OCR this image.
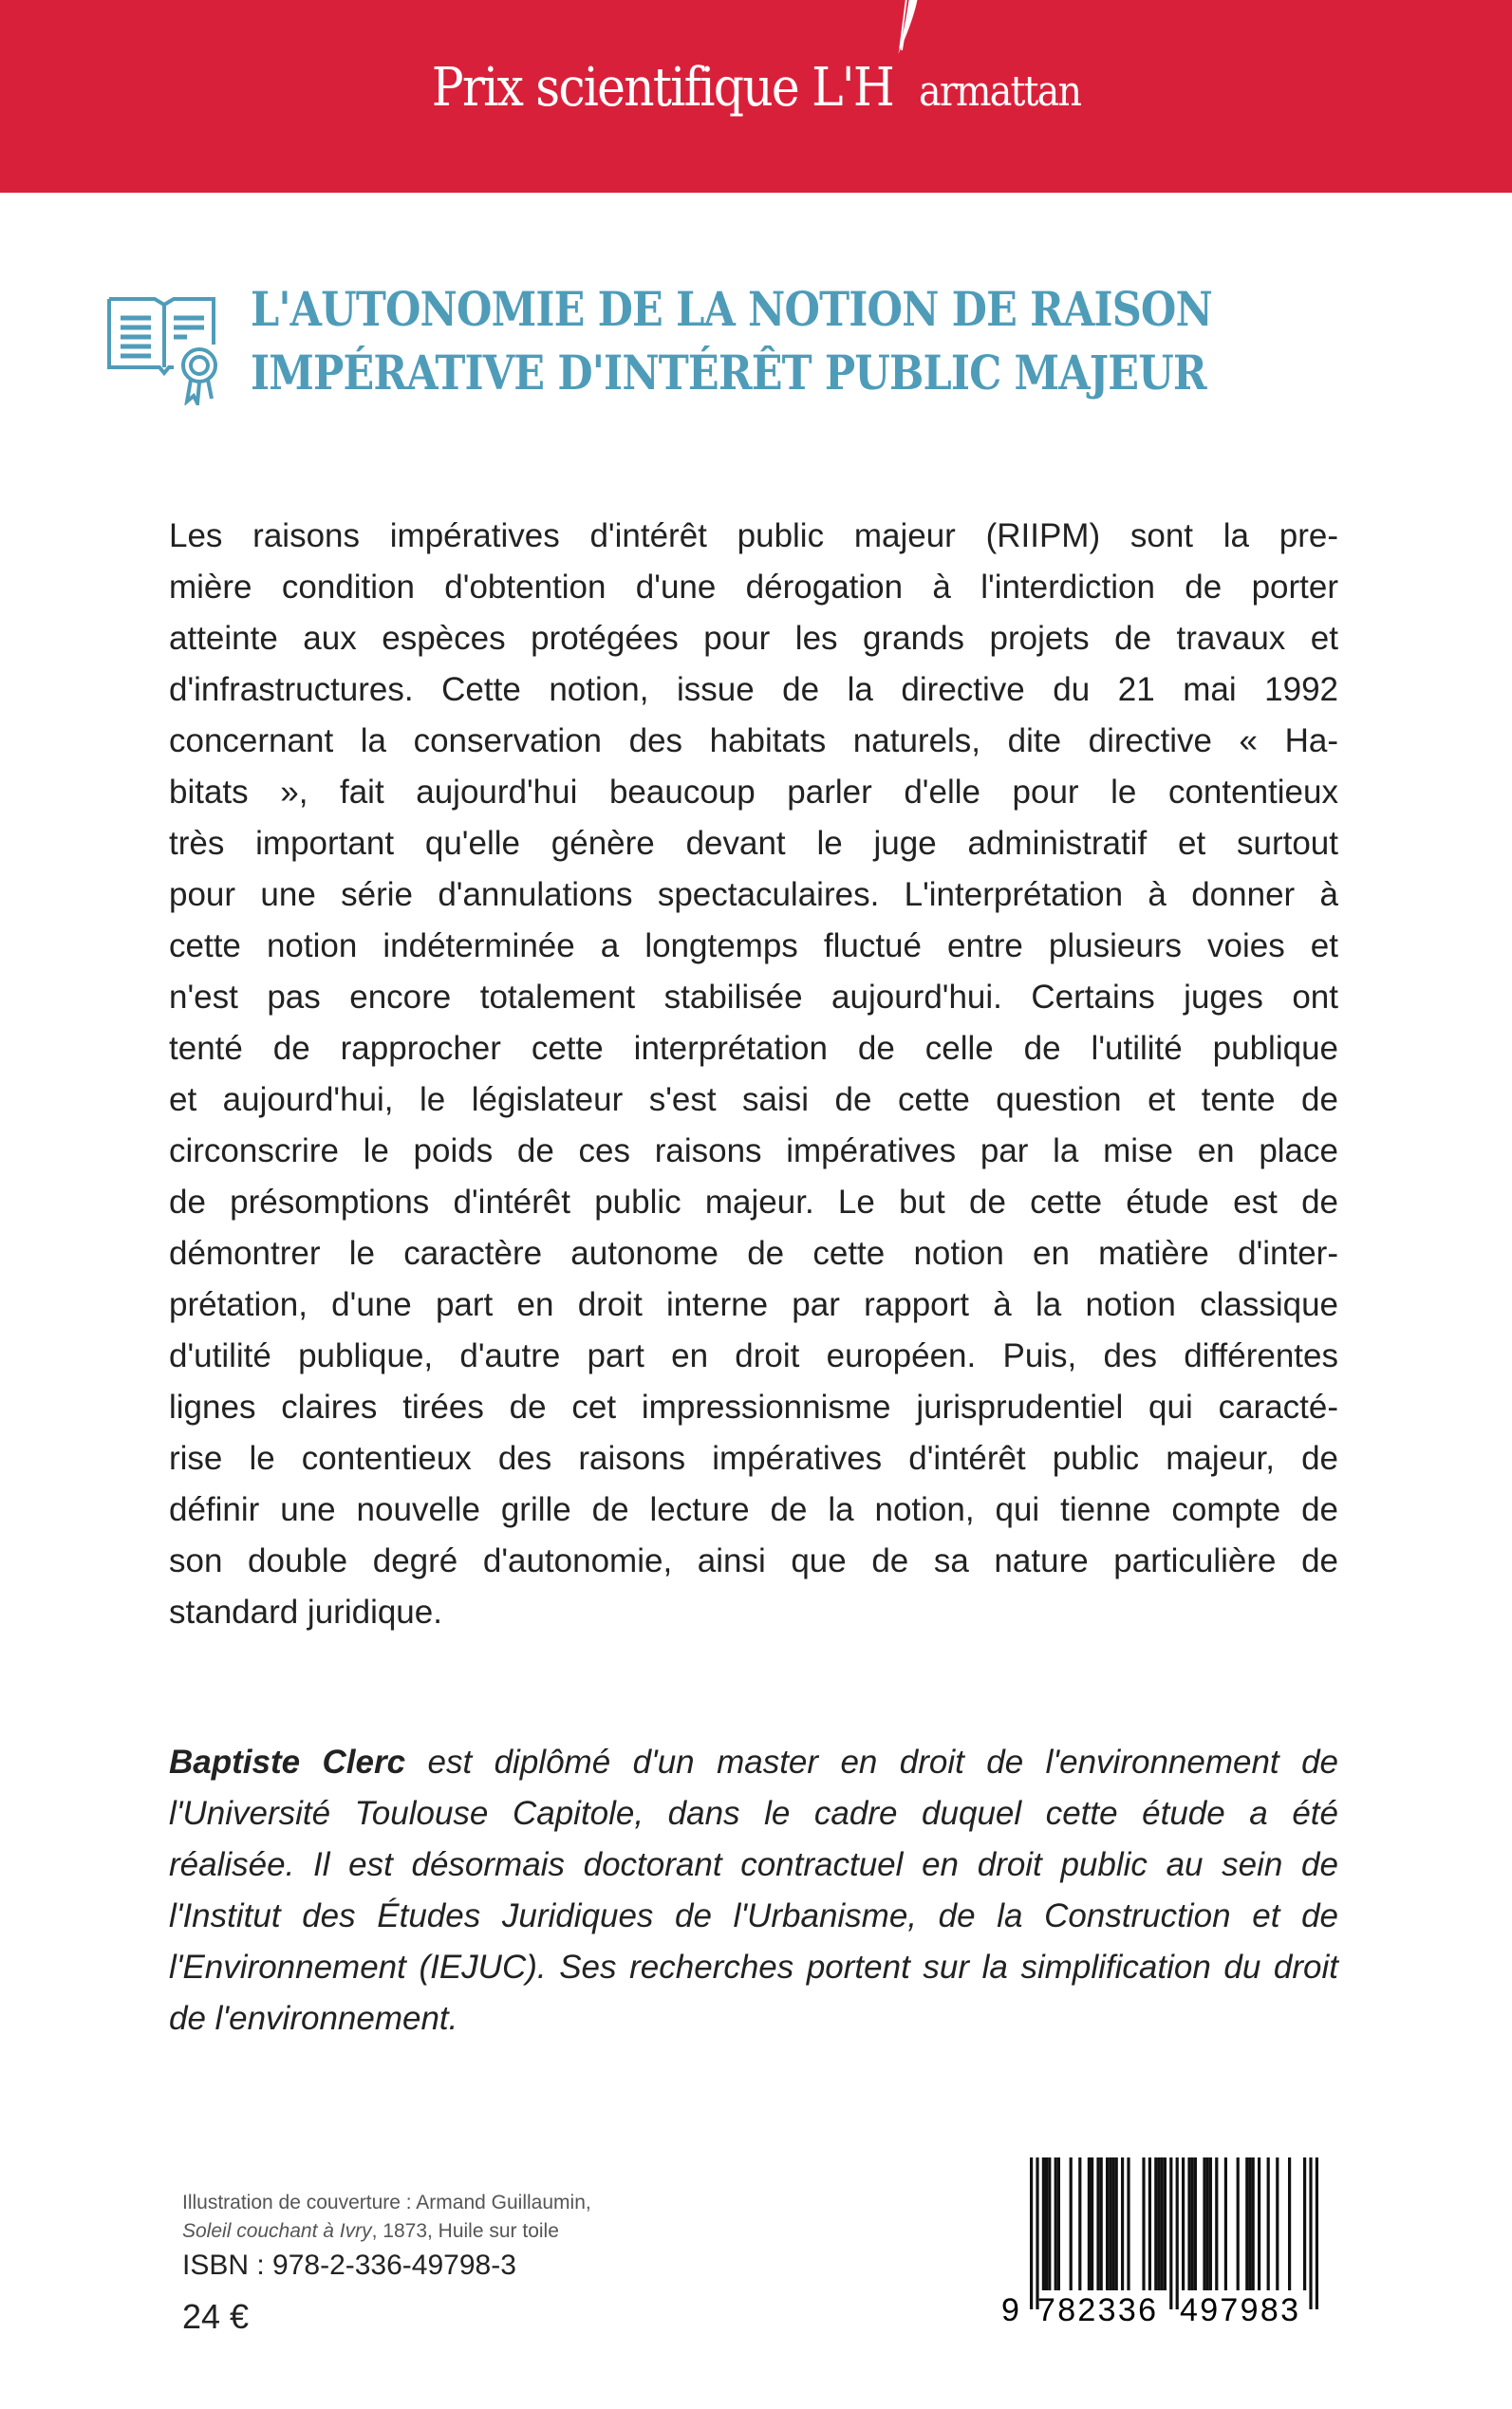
Prix scientifique L'H armattan
L'AUTONOMIE DE LA NOTION DE RAISON
IMPÉRATIVE D'INTÉRÊT PUBLIC MAJEUR
Les raisons impératives d'intérêt public majeur (RIIPM) sont la pre-
mière condition d'obtention d'une dérogation à l'interdiction de porter
atteinte aux espèces protégées pour les grands projets de travaux et
d'infrastructures. Cette notion, issue de la directive du 21 mai 1992
concernant la conservation des habitats naturels, dite directive « Ha-
bitats », fait aujourd'hui beaucoup parler d'elle pour le contentieux
très important qu'elle génère devant le juge administratif et surtout
pour une série d'annulations spectaculaires. L'interprétation à donner à
cette notion indéterminée a longtemps fluctué entre plusieurs voies et
n'est pas encore totalement stabilisée aujourd'hui. Certains juges ont
tenté de rapprocher cette interprétation de celle de l'utilité publique
et aujourd'hui, le législateur s'est saisi de cette question et tente de
circonscrire le poids de ces raisons impératives par la mise en place
de présomptions d'intérêt public majeur. Le but de cette étude est de
démontrer le caractère autonome de cette notion en matière d'inter-
prétation, d'une part en droit interne par rapport à la notion classique
d'utilité publique, d'autre part en droit européen. Puis, des différentes
lignes claires tirées de cet impressionnisme jurisprudentiel qui caracté-
rise le contentieux des raisons impératives d'intérêt public majeur, de
définir une nouvelle grille de lecture de la notion, qui tienne compte de
son double degré d'autonomie, ainsi que de sa nature particulière de
standard juridique.
Baptiste Clerc est diplômé d'un master en droit de l'environnement de
l'Université Toulouse Capitole, dans le cadre duquel cette étude a été
réalisée. Il est désormais doctorant contractuel en droit public au sein de
l'Institut des Études Juridiques de l'Urbanisme, de la Construction et de
l'Environnement (IEJUC). Ses recherches portent sur la simplification du droit
de l'environnement.
Illustration de couverture : Armand Guillaumin,
Soleil couchant à Ivry, 1873, Huile sur toile
ISBN : 978-2-336-49798-3
24 €	9 782336 497983
